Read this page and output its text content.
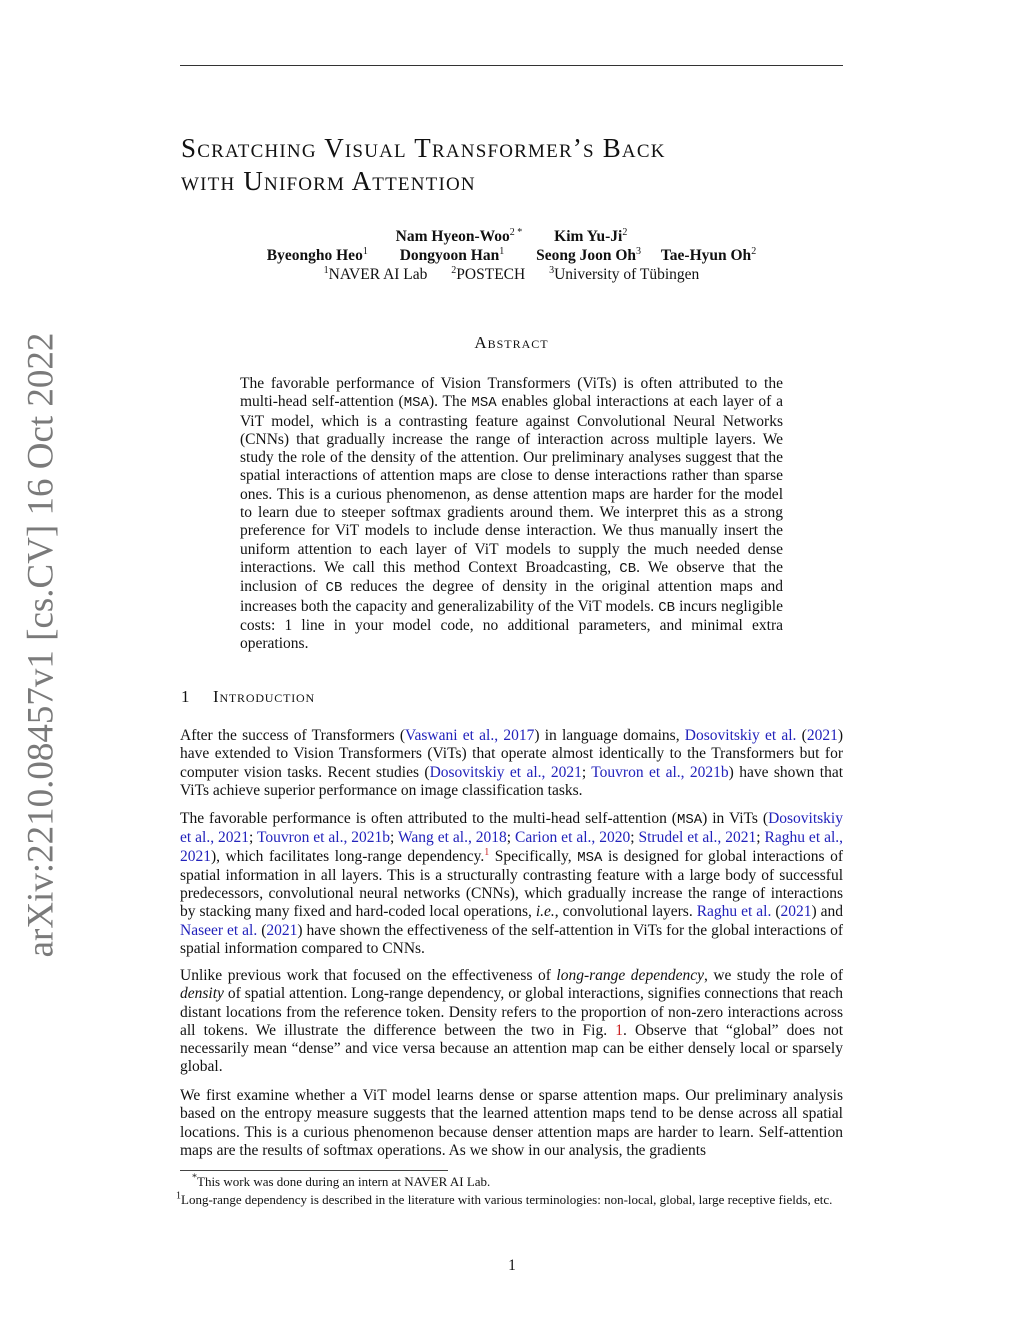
arXiv:2210.08457v1 [cs.CV] 16 Oct 2022
Scratching Visual Transformer’s Back
with Uniform Attention
Nam Hyeon-Woo$^{2 *}$ Kim Yu-Ji$^2$
Byeongho Heo$^1$ Dongyoon Han$^1$ Seong Joon Oh$^3$ Tae-Hyun Oh$^2$
$^1$NAVER AI Lab $^2$POSTECH $^3$University of Tübingen
Abstract
The favorable performance of Vision Transformers (ViTs) is often attributed to the multi-head self-attention (MSA). The MSA enables global interactions at each layer of a ViT model, which is a contrasting feature against Convolutional Neural Networks (CNNs) that gradually increase the range of interaction across multiple layers. We study the role of the density of the attention. Our preliminary analyses suggest that the spatial interactions of attention maps are close to dense interactions rather than sparse ones. This is a curious phenomenon, as dense attention maps are harder for the model to learn due to steeper softmax gradients around them. We interpret this as a strong preference for ViT models to include dense interaction. We thus manually insert the uniform attention to each layer of ViT models to supply the much needed dense interactions. We call this method Context Broadcasting, CB. We observe that the inclusion of CB reduces the degree of density in the original attention maps and increases both the capacity and generalizability of the ViT models. CB incurs negligible costs: 1 line in your model code, no additional parameters, and minimal extra operations.
1 Introduction
After the success of Transformers (Vaswani et al., 2017) in language domains, Dosovitskiy et al. (2021) have extended to Vision Transformers (ViTs) that operate almost identically to the Transformers but for computer vision tasks. Recent studies (Dosovitskiy et al., 2021; Touvron et al., 2021b) have shown that ViTs achieve superior performance on image classification tasks.
The favorable performance is often attributed to the multi-head self-attention (MSA) in ViTs (Dosovitskiy et al., 2021; Touvron et al., 2021b; Wang et al., 2018; Carion et al., 2020; Strudel et al., 2021; Raghu et al., 2021), which facilitates long-range dependency.$^1$ Specifically, MSA is designed for global interactions of spatial information in all layers. This is a structurally contrasting feature with a large body of successful predecessors, convolutional neural networks (CNNs), which gradually increase the range of interactions by stacking many fixed and hard-coded local operations, i.e., convolutional layers. Raghu et al. (2021) and Naseer et al. (2021) have shown the effectiveness of the self-attention in ViTs for the global interactions of spatial information compared to CNNs.
Unlike previous work that focused on the effectiveness of long-range dependency, we study the role of density of spatial attention. Long-range dependency, or global interactions, signifies connections that reach distant locations from the reference token. Density refers to the proportion of non-zero interactions across all tokens. We illustrate the difference between the two in Fig. 1. Observe that “global” does not necessarily mean “dense” and vice versa because an attention map can be either densely local or sparsely global.
We first examine whether a ViT model learns dense or sparse attention maps. Our preliminary analysis based on the entropy measure suggests that the learned attention maps tend to be dense across all spatial locations. This is a curious phenomenon because denser attention maps are harder to learn. Self-attention maps are the results of softmax operations. As we show in our analysis, the gradients
*This work was done during an intern at NAVER AI Lab.
$^1$Long-range dependency is described in the literature with various terminologies: non-local, global, large receptive fields, etc.
1
